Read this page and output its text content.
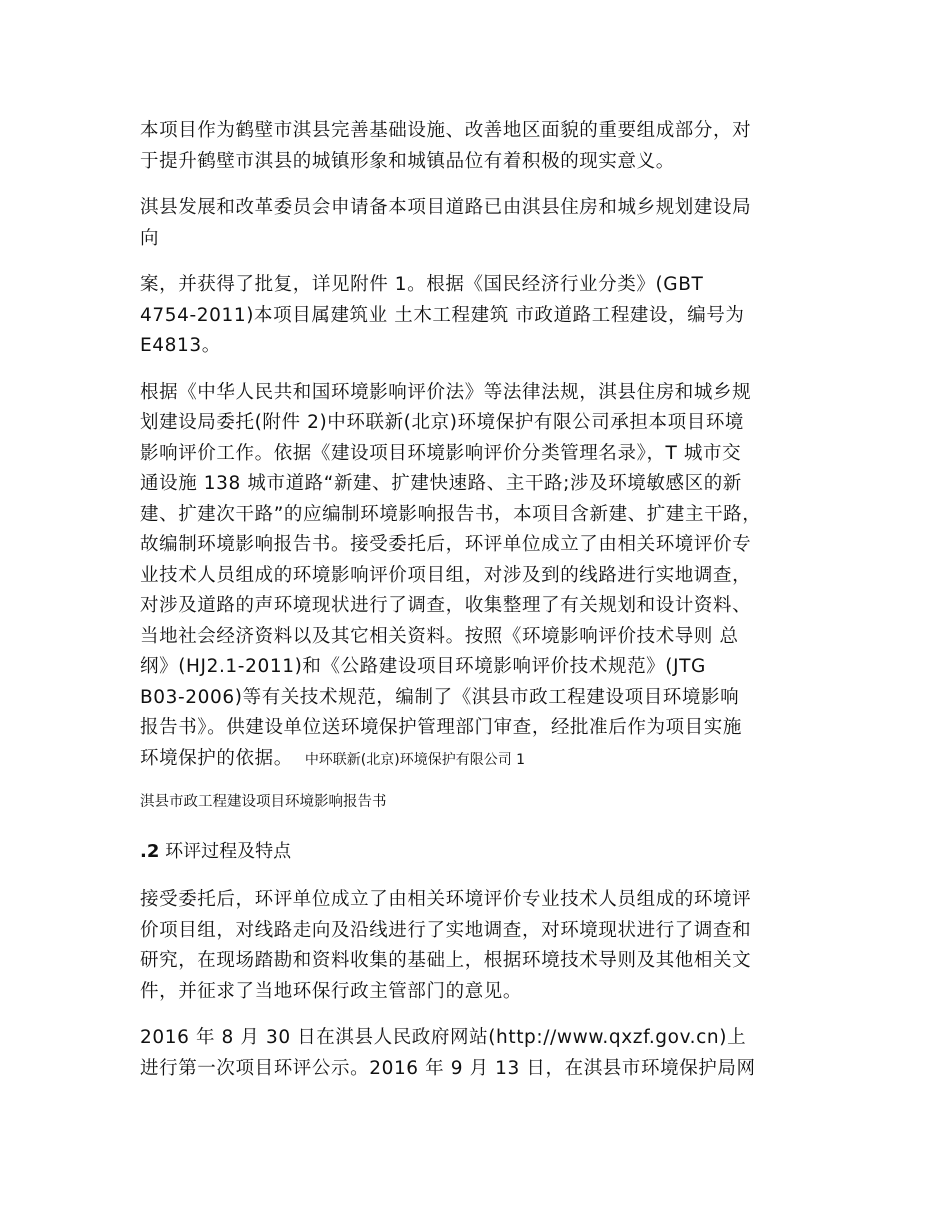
本项目作为鹤壁市淇县完善基础设施、改善地区面貌的重要组成部分，对
于提升鹤壁市淇县的城镇形象和城镇品位有着积极的现实意义。
淇县发展和改革委员会申请备本项目道路已由淇县住房和城乡规划建设局
向
案，并获得了批复，详见附件 1。根据《国民经济行业分类》(GBT
4754-2011)本项目属建筑业 土木工程建筑 市政道路工程建设，编号为
E4813。
根据《中华人民共和国环境影响评价法》等法律法规，淇县住房和城乡规
划建设局委托(附件 2)中环联新(北京)环境保护有限公司承担本项目环境
影响评价工作。依据《建设项目环境影响评价分类管理名录》，T 城市交
通设施 138 城市道路“新建、扩建快速路、主干路;涉及环境敏感区的新
建、扩建次干路”的应编制环境影响报告书，本项目含新建、扩建主干路，
故编制环境影响报告书。接受委托后，环评单位成立了由相关环境评价专
业技术人员组成的环境影响评价项目组，对涉及到的线路进行实地调查，
对涉及道路的声环境现状进行了调查，收集整理了有关规划和设计资料、
当地社会经济资料以及其它相关资料。按照《环境影响评价技术导则 总
纲》(HJ2.1-2011)和《公路建设项目环境影响评价技术规范》(JTG
B03-2006)等有关技术规范，编制了《淇县市政工程建设项目环境影响
报告书》。供建设单位送环境保护管理部门审查，经批准后作为项目实施
环境保护的依据。 中环联新(北京)环境保护有限公司 1
淇县市政工程建设项目环境影响报告书
.2 环评过程及特点
接受委托后，环评单位成立了由相关环境评价专业技术人员组成的环境评
价项目组，对线路走向及沿线进行了实地调查，对环境现状进行了调查和
研究，在现场踏勘和资料收集的基础上，根据环境技术导则及其他相关文
件，并征求了当地环保行政主管部门的意见。
2016 年 8 月 30 日在淇县人民政府网站(http://www.qxzf.gov.cn)上
进行第一次项目环评公示。2016 年 9 月 13 日，在淇县市环境保护局网
